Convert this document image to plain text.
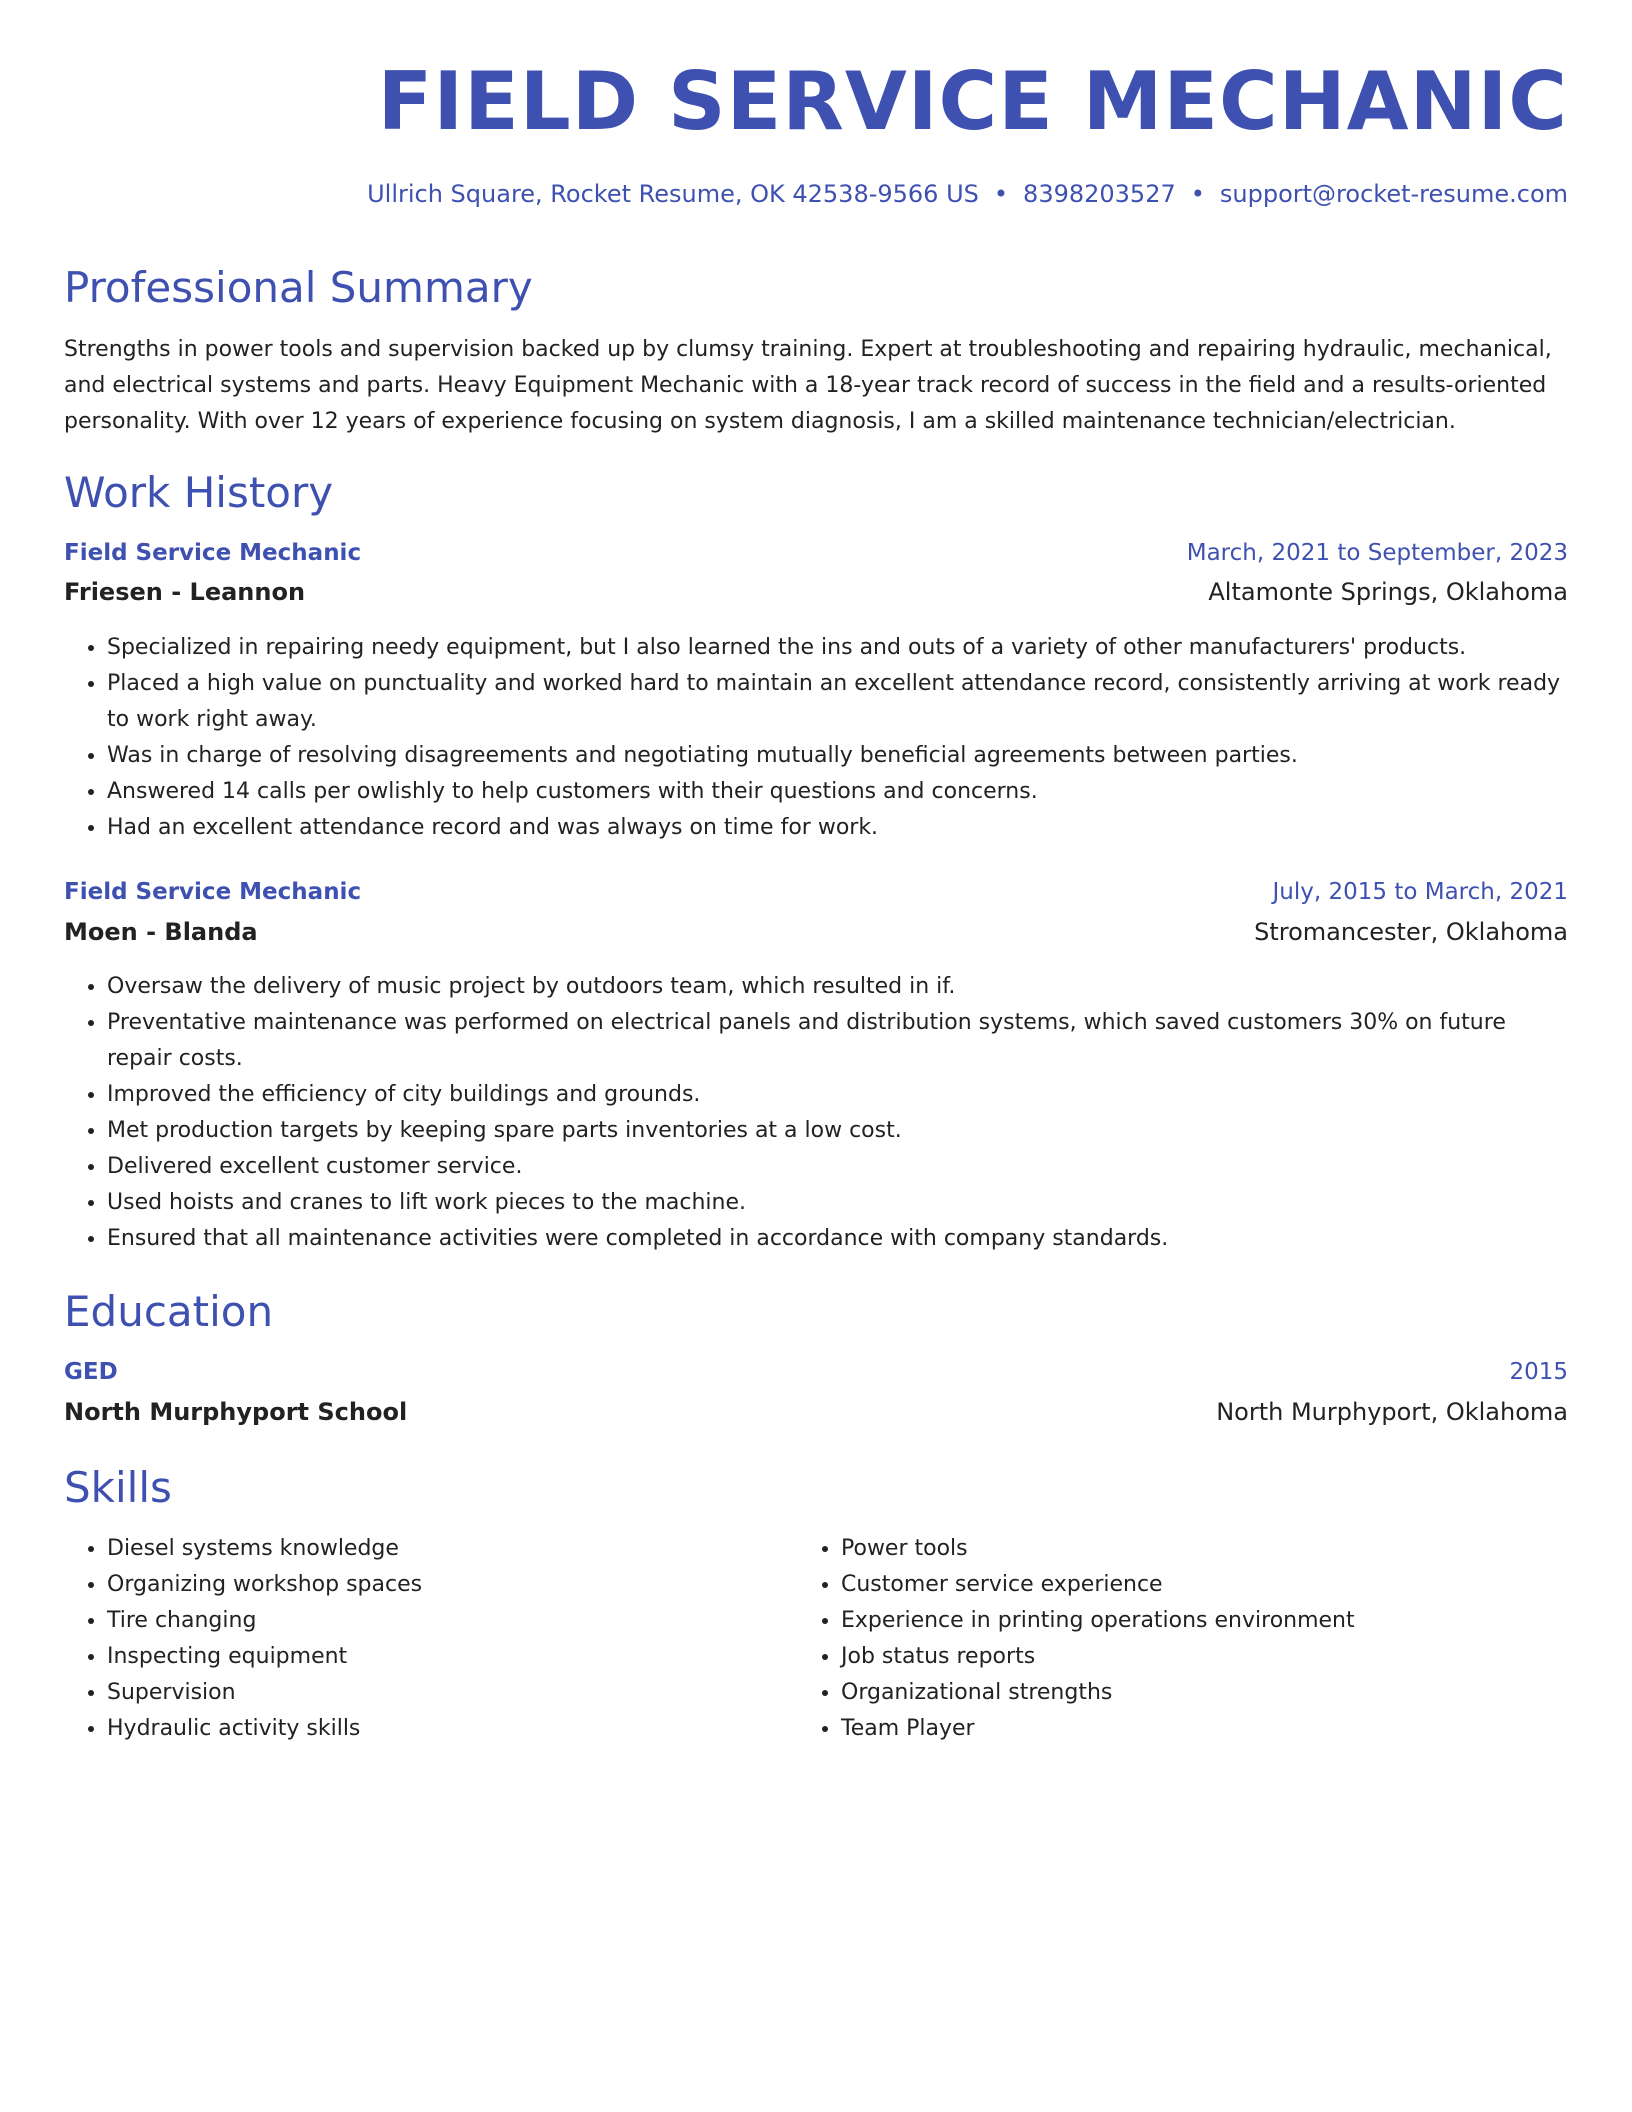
FIELD SERVICE MECHANIC
Ullrich Square, Rocket Resume, OK 42538-9566 US • 8398203527 • support@rocket-resume.com
Professional Summary

Strengths in power tools and supervision backed up by clumsy training. Expert at troubleshooting and repairing hydraulic, mechanical, and electrical systems and parts. Heavy Equipment Mechanic with a 18-year track record of success in the field and a results-oriented personality. With over 12 years of experience focusing on system diagnosis, I am a skilled maintenance technician/electrician.

Work History
Field Service Mechanic	March, 2021 to September, 2023
Friesen - Leannon	Altamonte Springs, Oklahoma
• Specialized in repairing needy equipment, but I also learned the ins and outs of a variety of other manufacturers' products.
• Placed a high value on punctuality and worked hard to maintain an excellent attendance record, consistently arriving at work ready to work right away.
• Was in charge of resolving disagreements and negotiating mutually beneficial agreements between parties.
• Answered 14 calls per owlishly to help customers with their questions and concerns.
• Had an excellent attendance record and was always on time for work.
Field Service Mechanic	July, 2015 to March, 2021
Moen - Blanda	Stromancester, Oklahoma
• Oversaw the delivery of music project by outdoors team, which resulted in if.
• Preventative maintenance was performed on electrical panels and distribution systems, which saved customers 30% on future repair costs.
• Improved the efficiency of city buildings and grounds.
• Met production targets by keeping spare parts inventories at a low cost.
• Delivered excellent customer service.
• Used hoists and cranes to lift work pieces to the machine.
• Ensured that all maintenance activities were completed in accordance with company standards.
Education
GED	2015
North Murphyport School	North Murphyport, Oklahoma
Skills
• Diesel systems knowledge
• Organizing workshop spaces
• Tire changing
• Inspecting equipment
• Supervision
• Hydraulic activity skills
• Power tools
• Customer service experience
• Experience in printing operations environment
• Job status reports
• Organizational strengths
• Team Player
